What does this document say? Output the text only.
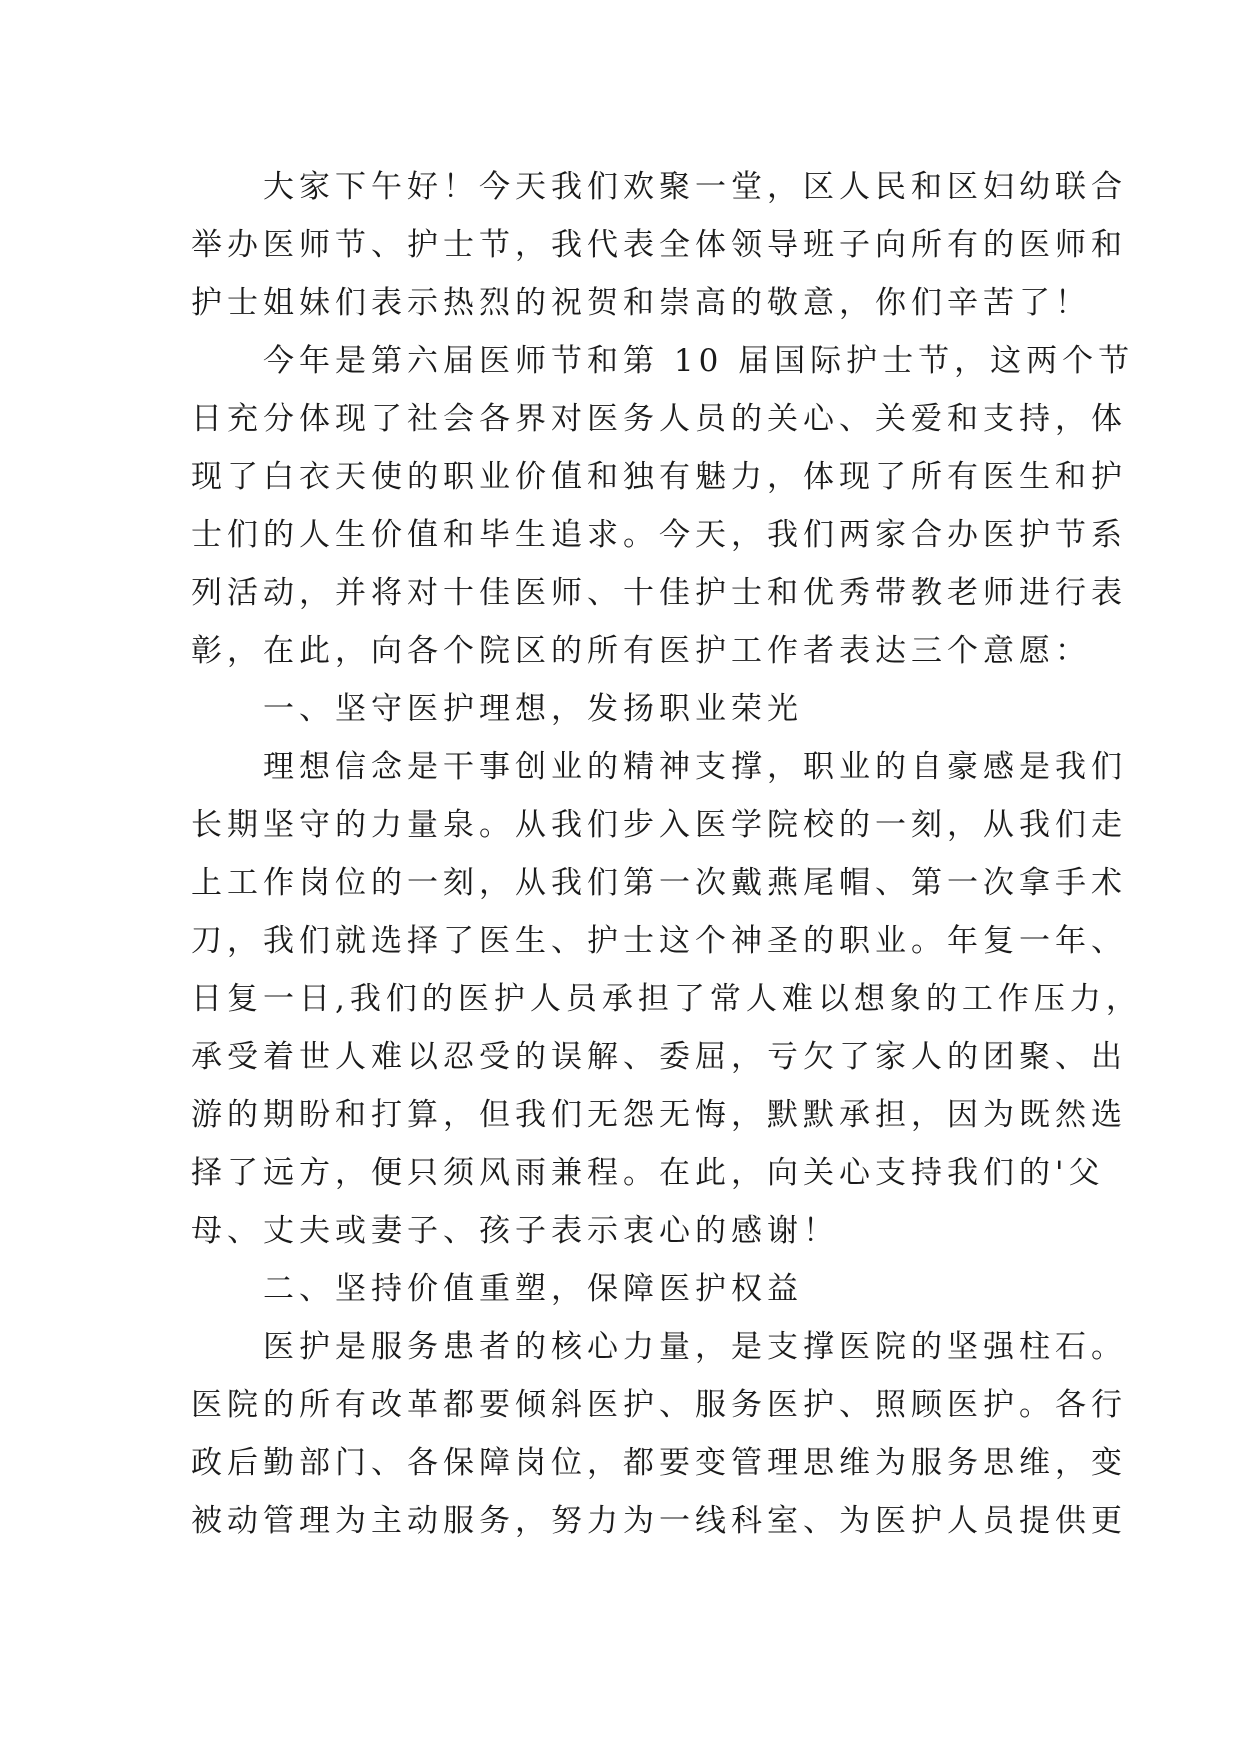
　　大家下午好！今天我们欢聚一堂，区人民和区妇幼联合
举办医师节、护士节，我代表全体领导班子向所有的医师和
护士姐妹们表示热烈的祝贺和崇高的敬意，你们辛苦了！
　　今年是第六届医师节和第 10 届国际护士节，这两个节
日充分体现了社会各界对医务人员的关心、关爱和支持，体
现了白衣天使的职业价值和独有魅力，体现了所有医生和护
士们的人生价值和毕生追求。今天，我们两家合办医护节系
列活动，并将对十佳医师、十佳护士和优秀带教老师进行表
彰，在此，向各个院区的所有医护工作者表达三个意愿：
　　一、坚守医护理想，发扬职业荣光
　　理想信念是干事创业的精神支撑，职业的自豪感是我们
长期坚守的力量泉。从我们步入医学院校的一刻，从我们走
上工作岗位的一刻，从我们第一次戴燕尾帽、第一次拿手术
刀，我们就选择了医生、护士这个神圣的职业。年复一年、
日复一日,我们的医护人员承担了常人难以想象的工作压力，
承受着世人难以忍受的误解、委屈，亏欠了家人的团聚、出
游的期盼和打算，但我们无怨无悔，默默承担，因为既然选
择了远方，便只须风雨兼程。在此，向关心支持我们的'父
母、丈夫或妻子、孩子表示衷心的感谢！
　　二、坚持价值重塑，保障医护权益
　　医护是服务患者的核心力量，是支撑医院的坚强柱石。
医院的所有改革都要倾斜医护、服务医护、照顾医护。各行
政后勤部门、各保障岗位，都要变管理思维为服务思维，变
被动管理为主动服务，努力为一线科室、为医护人员提供更
